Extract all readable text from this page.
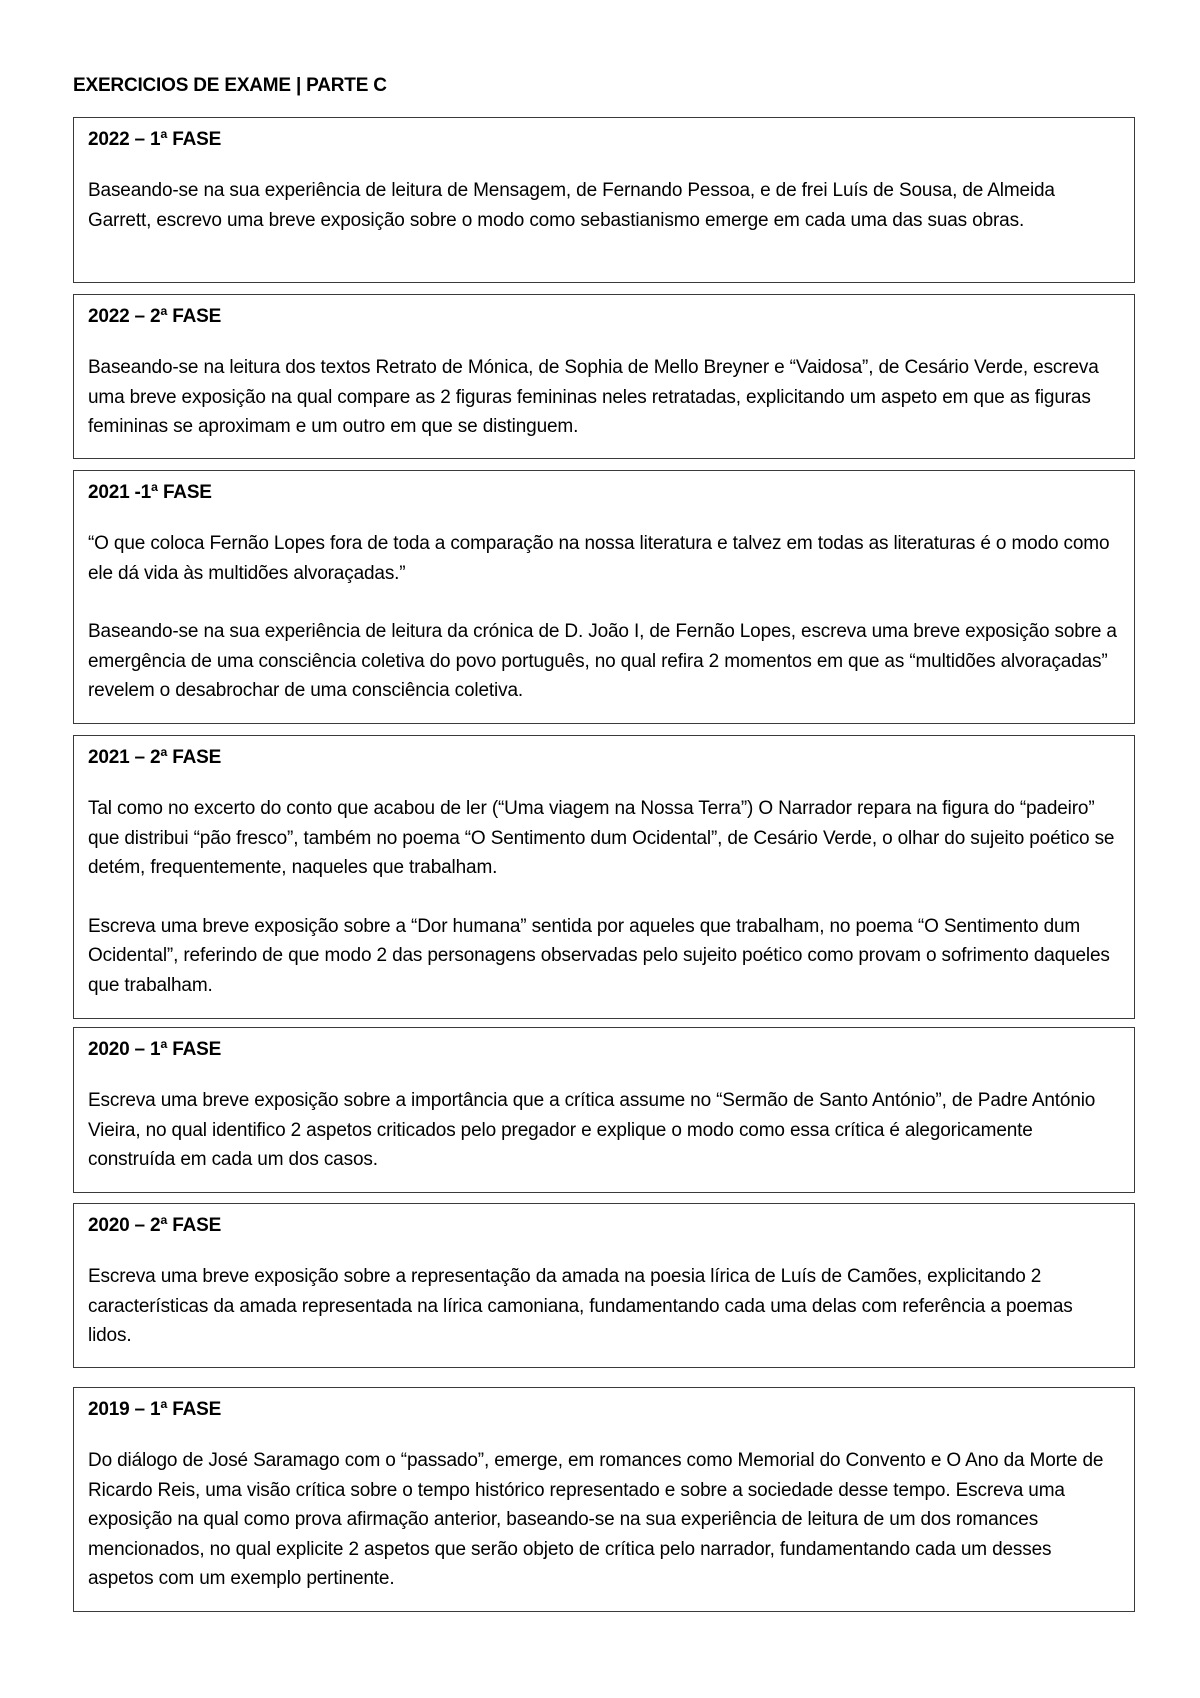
EXERCICIOS DE EXAME | PARTE C

2022 – 1ª FASE

Baseando-se na sua experiência de leitura de Mensagem, de Fernando Pessoa, e de frei Luís de Sousa, de Almeida Garrett, escrevo uma breve exposição sobre o modo como sebastianismo emerge em cada uma das suas obras.

2022 – 2ª FASE

Baseando-se na leitura dos textos Retrato de Mónica, de Sophia de Mello Breyner e “Vaidosa”, de Cesário Verde, escreva uma breve exposição na qual compare as 2 figuras femininas neles retratadas, explicitando um aspeto em que as figuras femininas se aproximam e um outro em que se distinguem.

2021 -1ª FASE

“O que coloca Fernão Lopes fora de toda a comparação na nossa literatura e talvez em todas as literaturas é o modo como ele dá vida às multidões alvoraçadas.”

Baseando-se na sua experiência de leitura da crónica de D. João I, de Fernão Lopes, escreva uma breve exposição sobre a emergência de uma consciência coletiva do povo português, no qual refira 2 momentos em que as “multidões alvoraçadas” revelem o desabrochar de uma consciência coletiva.

2021 – 2ª FASE

Tal como no excerto do conto que acabou de ler (“Uma viagem na Nossa Terra”) O Narrador repara na figura do “padeiro” que distribui “pão fresco”, também no poema “O Sentimento dum Ocidental”, de Cesário Verde, o olhar do sujeito poético se detém, frequentemente, naqueles que trabalham.

Escreva uma breve exposição sobre a “Dor humana” sentida por aqueles que trabalham, no poema “O Sentimento dum Ocidental”, referindo de que modo 2 das personagens observadas pelo sujeito poético como provam o sofrimento daqueles que trabalham.

2020 – 1ª FASE

Escreva uma breve exposição sobre a importância que a crítica assume no “Sermão de Santo António”, de Padre António Vieira, no qual identifico 2 aspetos criticados pelo pregador e explique o modo como essa crítica é alegoricamente construída em cada um dos casos.

2020 – 2ª FASE

Escreva uma breve exposição sobre a representação da amada na poesia lírica de Luís de Camões, explicitando 2 características da amada representada na lírica camoniana, fundamentando cada uma delas com referência a poemas lidos.

2019 – 1ª FASE

Do diálogo de José Saramago com o “passado”, emerge, em romances como Memorial do Convento e O Ano da Morte de Ricardo Reis, uma visão crítica sobre o tempo histórico representado e sobre a sociedade desse tempo. Escreva uma exposição na qual como prova afirmação anterior, baseando-se na sua experiência de leitura de um dos romances mencionados, no qual explicite 2 aspetos que serão objeto de crítica pelo narrador, fundamentando cada um desses aspetos com um exemplo pertinente.
